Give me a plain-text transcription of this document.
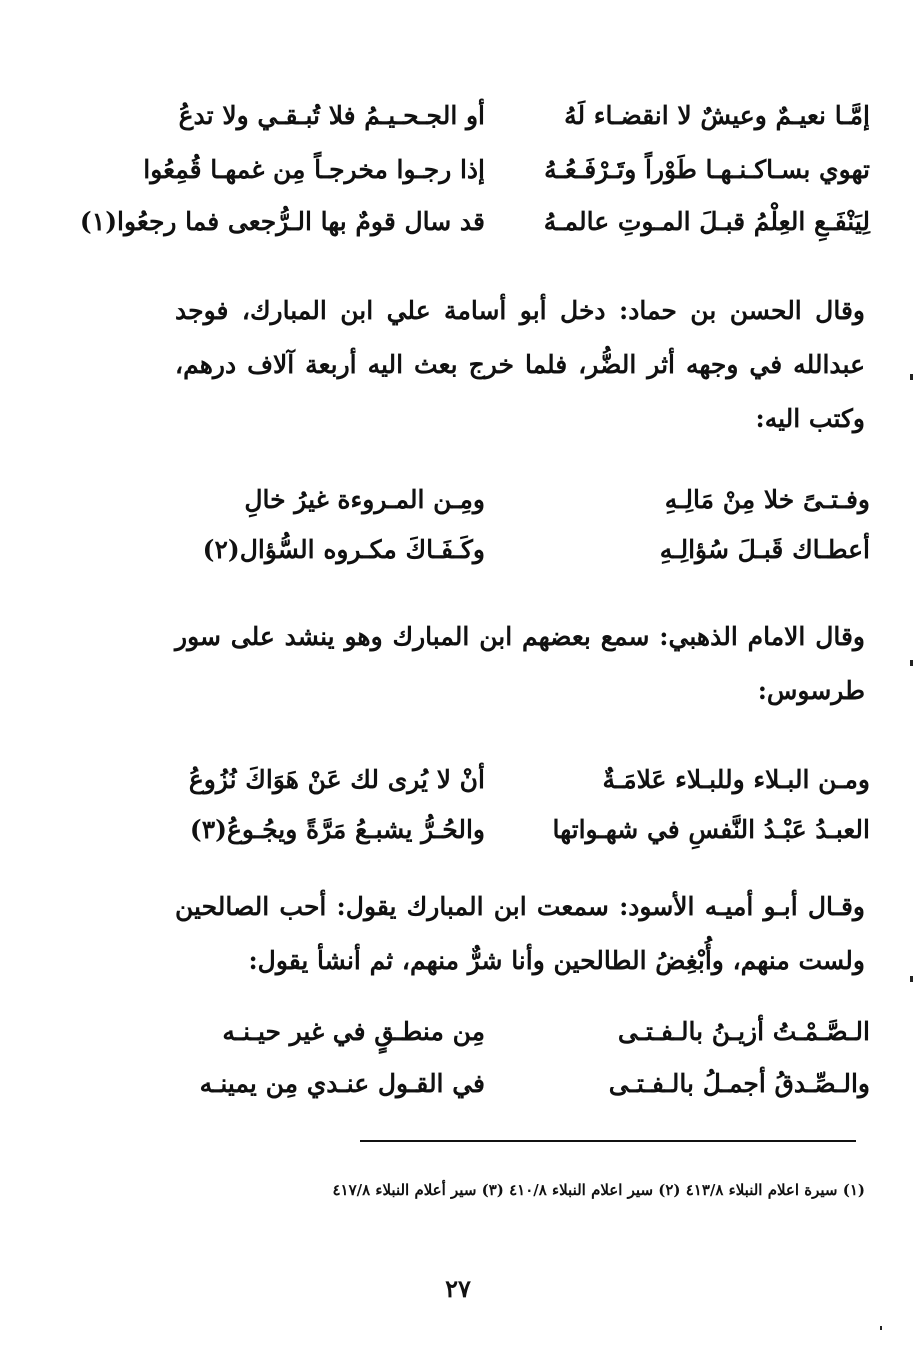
إمَّـا نعيـمٌ وعيشٌ لا انقضـاء لَهُ
أو الجـحـيـمُ فلا تُبـقـي ولا تدعُ
تهوي بسـاكـنـهـا طَوْراً وتَـرْفَـعُـهُ
إذا رجـوا مخرجـاً مِن غمهـا قُمِعُوا
لِيَنْفَـعِ العِلْمُ قبـلَ المـوتِ عالمـهُ
قد سال قومٌ بها الـرُّجعى فما رجعُوا(١)

وقال الحسن بن حماد: دخل أبو أسامة علي ابن المبارك، فوجد عبدالله في وجهه أثر الضُّر، فلما خرج بعث اليه أربعة آلاف درهم، وكتب اليه:

وفـتـىً خلا مِنْ مَالِـهِ
ومِـن المـروءة غيرُ خالِ
أعطـاك قَبـلَ سُؤالِـهِ
وكَـفَـاكَ مكـروه السُّؤال(٢)

وقال الامام الذهبي: سمع بعضهم ابن المبارك وهو ينشد على سور طرسوس:

ومـن البـلاء وللبـلاء عَلامَـةٌ
أنْ لا يُرى لك عَنْ هَوَاكَ نُزُوعُ
العبـدُ عَبْـدُ النَّفسِ في شهـواتها
والحُـرُّ يشبـعُ مَرَّةً ويجُـوعُ(٣)

وقـال أبـو أميـه الأسود: سمعت ابن المبارك يقول: أحب الصالحين ولست منهم، وأُبْغِضُ الطالحين وأنا شرٌّ منهم، ثم أنشأ يقول:

الـصَّـمْـتُ أزيـنُ بالـفـتـى
مِن منطـقٍ في غير حيـنـه
والـصِّـدقُ أجمـلُ بالـفـتـى
في القـول عنـدي مِن يمينـه
(١) سيرة اعلام النبلاء ٤١٣/٨ (٢) سير اعلام النبلاء ٤١٠/٨ (٣) سير أعلام النبلاء ٤١٧/٨
٢٧
